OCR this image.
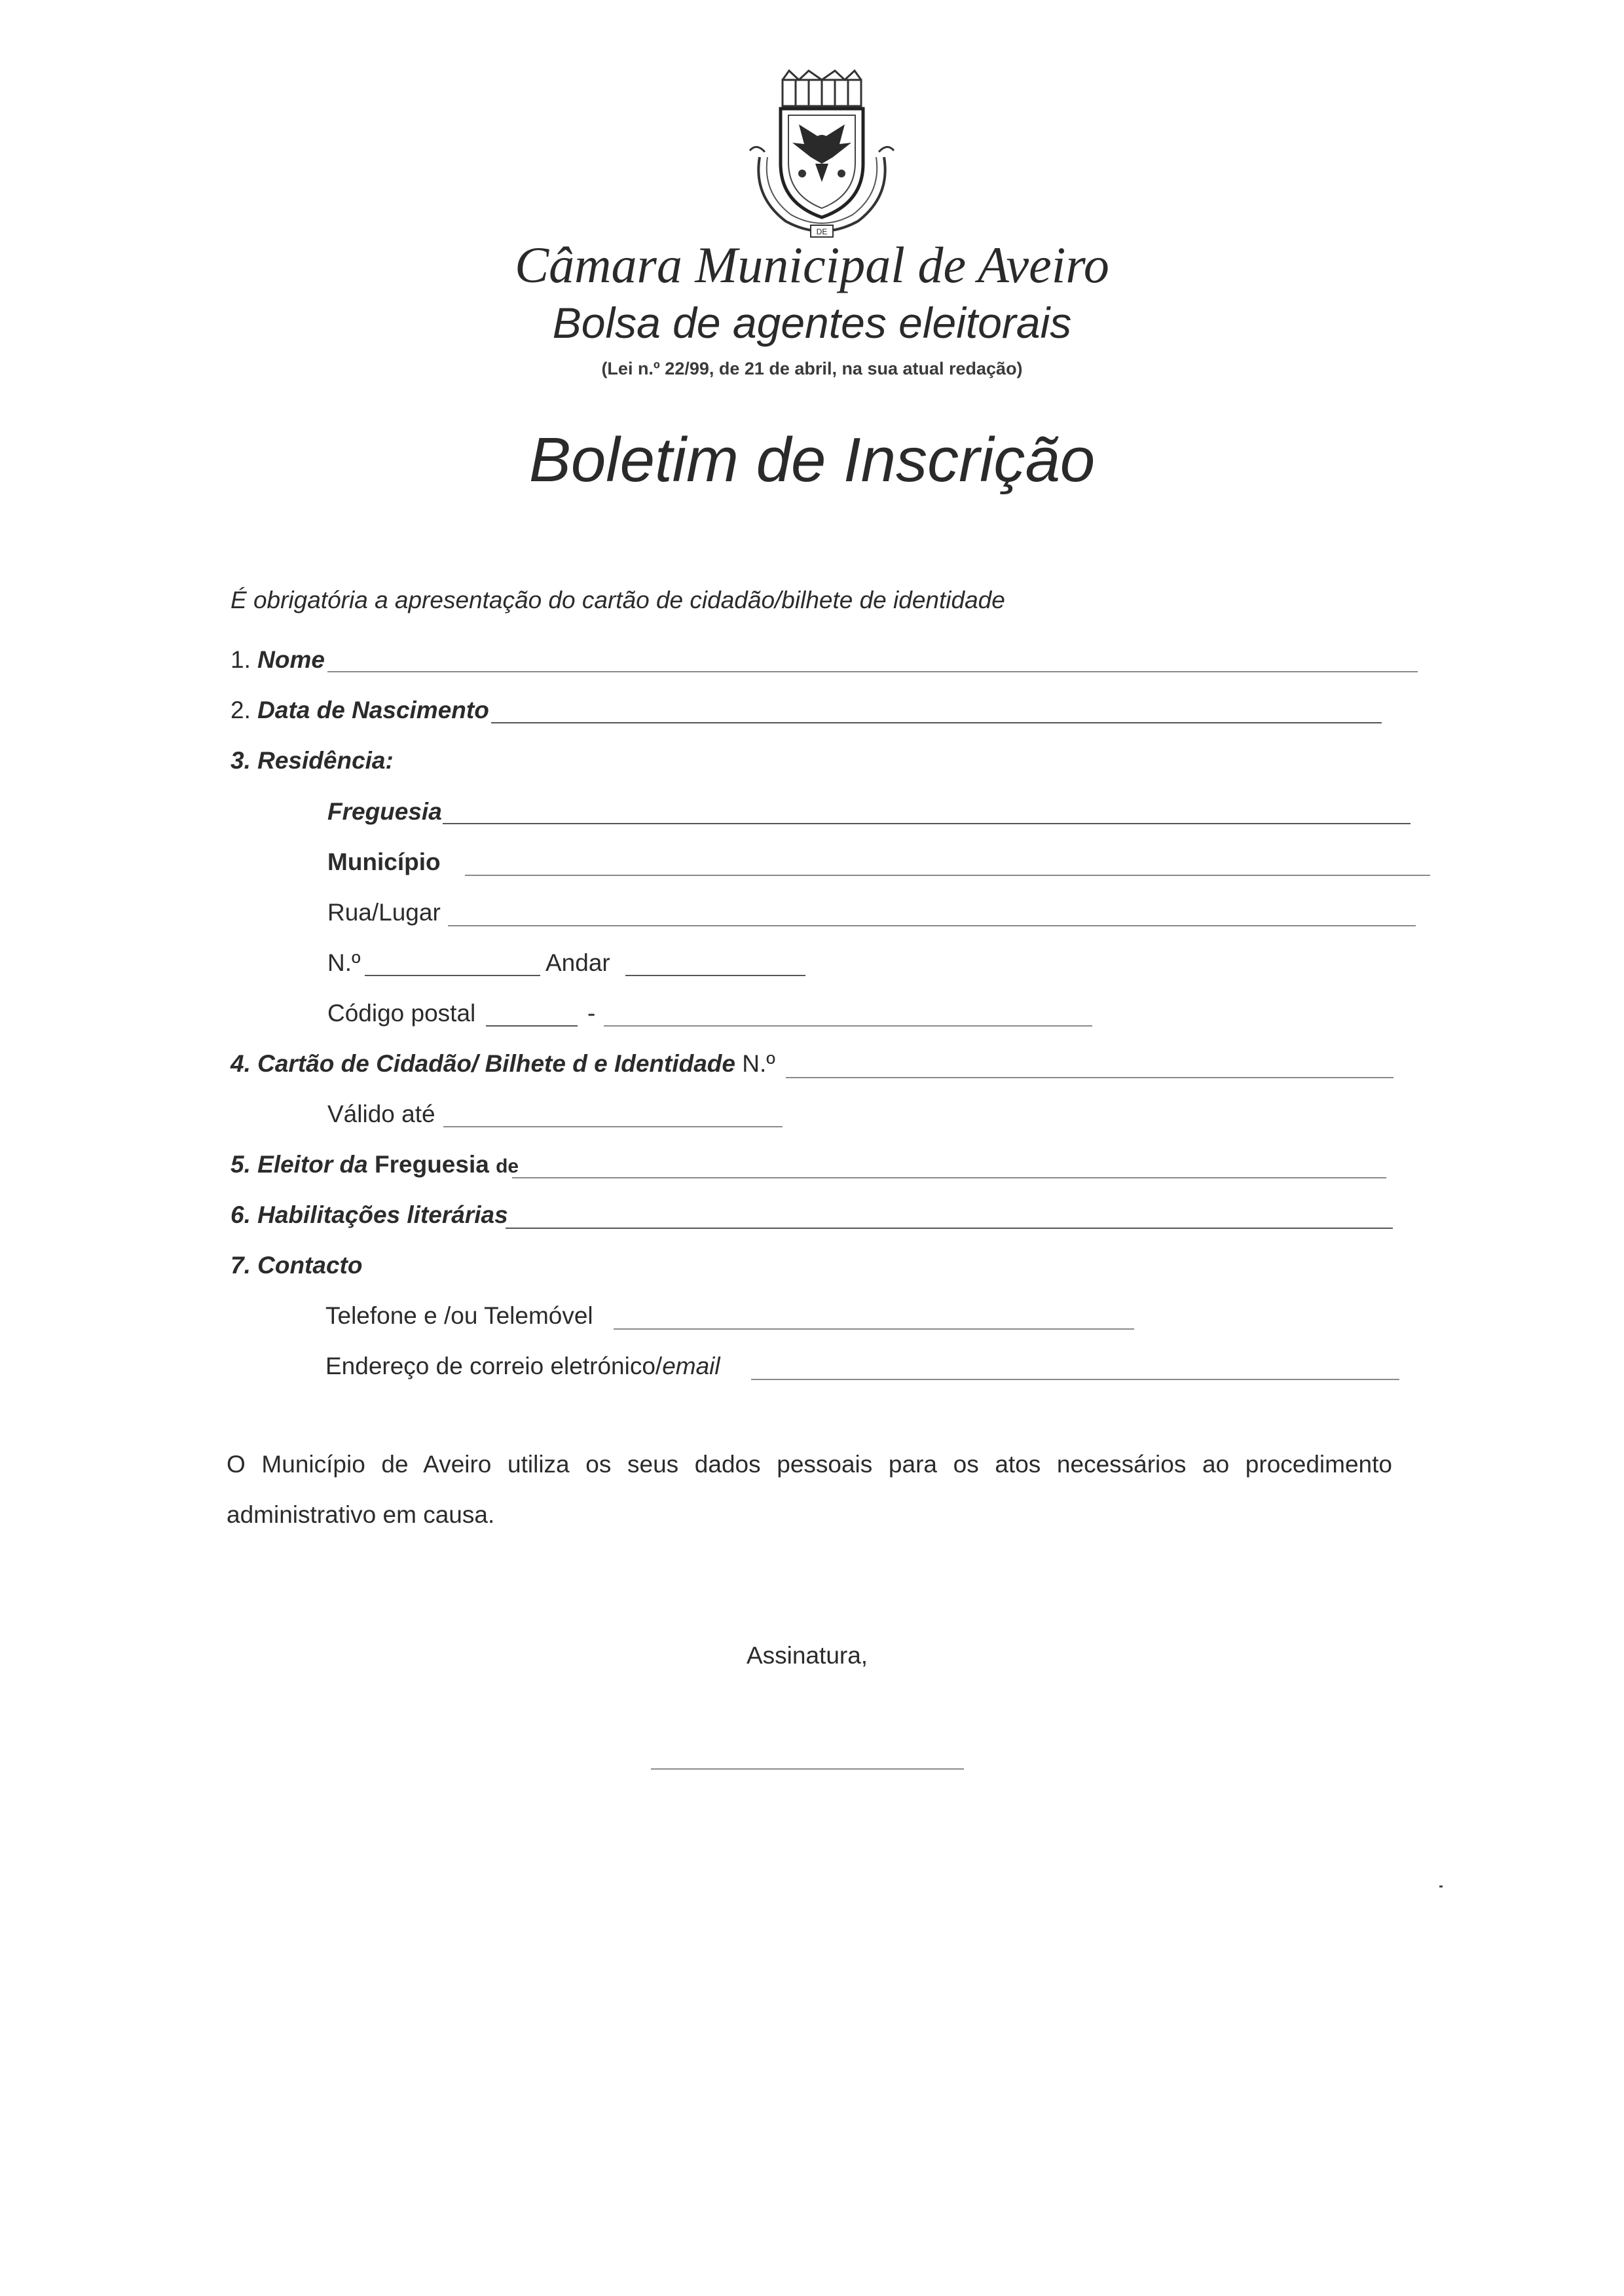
DE
Câmara Municipal de Aveiro
Bolsa de agentes eleitorais
(Lei n.º 22/99, de 21 de abril, na sua atual redação)
Boletim de Inscrição
É obrigatória a apresentação do cartão de cidadão/bilhete de identidade
1. Nome
2. Data de Nascimento
3. Residência:
Freguesia
Município
Rua/Lugar
N.º	Andar
Código postal	-
4. Cartão de Cidadão/ Bilhete d e Identidade N.º
Válido até
5. Eleitor da Freguesia de
6. Habilitações literárias
7. Contacto
Telefone e /ou Telemóvel
Endereço de correio eletrónico/email
O Município de Aveiro utiliza os seus dados pessoais para os atos necessários ao procedimento administrativo em causa.
Assinatura,
